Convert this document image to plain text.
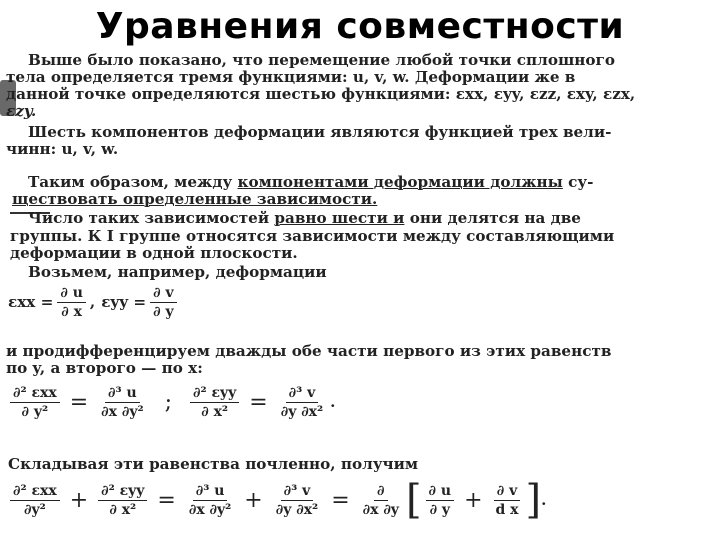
Уравнения совместности
Выше было показано, что перемещение любой точки сплошного
тела определяется тремя функциями: u, v, w. Деформации же в
данной точке определяются шестью функциями: εxx, εyy, εzz, εxy, εzx,
εzy.
Шесть компонентов деформации являются функцией трех вели-
чинн: u, v, w.
Таким образом, между компонентами деформации должны су-
ществовать определенные зависимости.
Число таких зависимостей равно шести и они делятся на две
группы. К I группе относятся зависимости между составляющими
деформации в одной плоскости.
Возьмем, например, деформации
$\varepsilon xx = \frac{\partial u}{\partial x}$ , $\varepsilon yy = \frac{\partial v}{\partial y}$
и продифференцируем дважды обе части первого из этих равенств
по y, а второго — по x:
$\frac{\text{∂² εxx}}{\text{∂ y²}} = \frac{\text{∂³ u}}{\text{∂x ∂y²}}$ ; $\frac{\text{∂² εyy}}{\text{∂ x²}} = \frac{\text{∂³ v}}{\text{∂y ∂x²}}$ .
Складывая эти равенства почленно, получим
$\frac{\text{∂² εxx}}{\text{∂y²}} + \frac{\text{∂² εyy}}{\text{∂ x²}} = \frac{\text{∂³ u}}{\text{∂x ∂y²}} + \frac{\text{∂³ v}}{\text{∂y ∂x²}} = \frac{\partial}{\partial x \partial y}$ [ $\frac{\partial u}{\partial y} + \frac{\partial v}{\text{d x}}$ ] .
